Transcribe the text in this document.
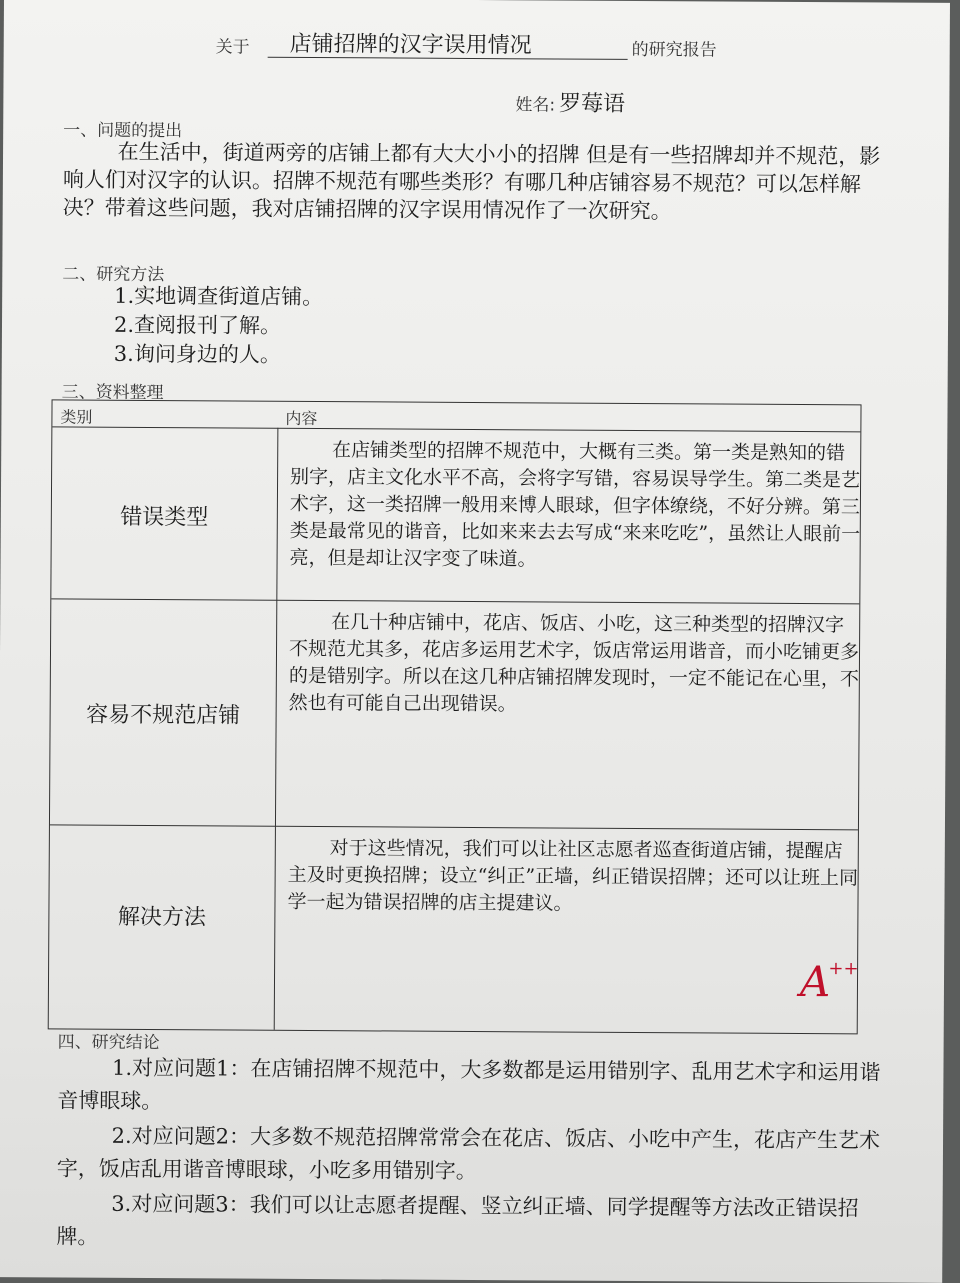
关于 店铺招牌的汉字误用情况	的研究报告
姓名: 罗莓语
一、问题的提出
在生活中，街道两旁的店铺上都有大大小小的招牌 但是有一些招牌却并不规范，影响人们对汉字的认识。招牌不规范有哪些类形？有哪几种店铺容易不规范？可以怎样解决？带着这些问题，我对店铺招牌的汉字误用情况作了一次研究。
二、研究方法
1.实地调查街道店铺。
2.查阅报刊了解。
3.询问身边的人。
三、资料整理
类别	内容
错误类型
在店铺类型的招牌不规范中，大概有三类。第一类是熟知的错别字，店主文化水平不高，会将字写错，容易误导学生。第二类是艺术字，这一类招牌一般用来博人眼球，但字体缭绕，不好分辨。第三类是最常见的谐音，比如来来去去写成“来来吃吃”，虽然让人眼前一亮，但是却让汉字变了味道。
容易不规范店铺
在几十种店铺中，花店、饭店、小吃，这三种类型的招牌汉字不规范尤其多，花店多运用艺术字，饭店常运用谐音，而小吃铺更多的是错别字。所以在这几种店铺招牌发现时，一定不能记在心里，不然也有可能自己出现错误。
解决方法
对于这些情况，我们可以让社区志愿者巡查街道店铺，提醒店主及时更换招牌；设立“纠正”正墙，纠正错误招牌；还可以让班上同学一起为错误招牌的店主提建议。
A++
四、研究结论
1.对应问题1：在店铺招牌不规范中，大多数都是运用错别字、乱用艺术字和运用谐音博眼球。
2.对应问题2：大多数不规范招牌常常会在花店、饭店、小吃中产生，花店产生艺术字，饭店乱用谐音博眼球，小吃多用错别字。
3.对应问题3：我们可以让志愿者提醒、竖立纠正墙、同学提醒等方法改正错误招牌。
